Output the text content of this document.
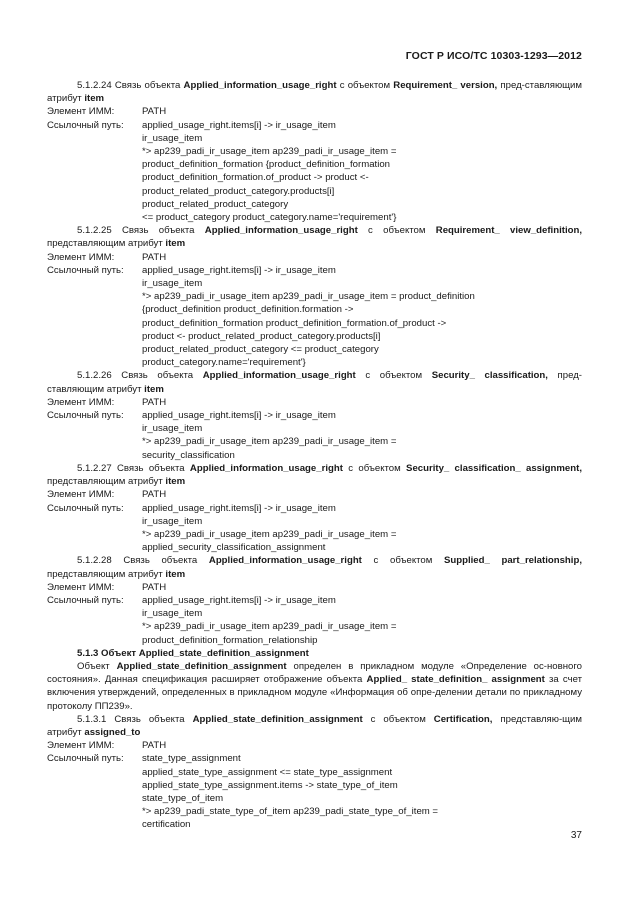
ГОСТ Р ИСО/ТС 10303-1293—2012

5.1.2.24 Связь объекта Applied_information_usage_right с объектом Requirement_ version, пред-ставляющим атрибут item

Элемент ИММ:	PATH
Ссылочный путь:	applied_usage_right.items[i] -> ir_usage_item
ir_usage_item
*> ap239_padi_ir_usage_item ap239_padi_ir_usage_item =
product_definition_formation {product_definition_formation
product_definition_formation.of_product -> product <-
product_related_product_category.products[i]
product_related_product_category
<= product_category product_category.name='requirement'}

5.1.2.25 Связь объекта Applied_information_usage_right с объектом Requirement_ view_definition, представляющим атрибут item

Элемент ИММ:	PATH
Ссылочный путь:	applied_usage_right.items[i] -> ir_usage_item
ir_usage_item
*> ap239_padi_ir_usage_item ap239_padi_ir_usage_item = product_definition
{product_definition product_definition.formation ->
product_definition_formation product_definition_formation.of_product ->
product <- product_related_product_category.products[i]
product_related_product_category <= product_category
product_category.name='requirement'}

5.1.2.26 Связь объекта Applied_information_usage_right с объектом Security_ classification, пред-ставляющим атрибут item

Элемент ИММ:	PATH
Ссылочный путь:	applied_usage_right.items[i] -> ir_usage_item
ir_usage_item
*> ap239_padi_ir_usage_item ap239_padi_ir_usage_item =
security_classification

5.1.2.27 Связь объекта Applied_information_usage_right с объектом Security_ classification_ assignment, представляющим атрибут item

Элемент ИММ:	PATH
Ссылочный путь:	applied_usage_right.items[i] -> ir_usage_item
ir_usage_item
*> ap239_padi_ir_usage_item ap239_padi_ir_usage_item =
applied_security_classification_assignment

5.1.2.28 Связь объекта Applied_information_usage_right с объектом Supplied_ part_relationship, представляющим атрибут item

Элемент ИММ:	PATH
Ссылочный путь:	applied_usage_right.items[i] -> ir_usage_item
ir_usage_item
*> ap239_padi_ir_usage_item ap239_padi_ir_usage_item =
product_definition_formation_relationship

5.1.3 Объект Applied_state_definition_assignment

Объект Applied_state_definition_assignment определен в прикладном модуле «Определение ос-новного состояния». Данная спецификация расширяет отображение объекта Applied_ state_definition_ assignment за счет включения утверждений, определенных в прикладном модуле «Информация об опре-делении детали по прикладному протоколу ПП239».

5.1.3.1 Связь объекта Applied_state_definition_assignment с объектом Certification, представляю-щим атрибут assigned_to

Элемент ИММ:	PATH
Ссылочный путь:	state_type_assignment
applied_state_type_assignment <= state_type_assignment
applied_state_type_assignment.items -> state_type_of_item
state_type_of_item
*> ap239_padi_state_type_of_item ap239_padi_state_type_of_item =
certification
37
